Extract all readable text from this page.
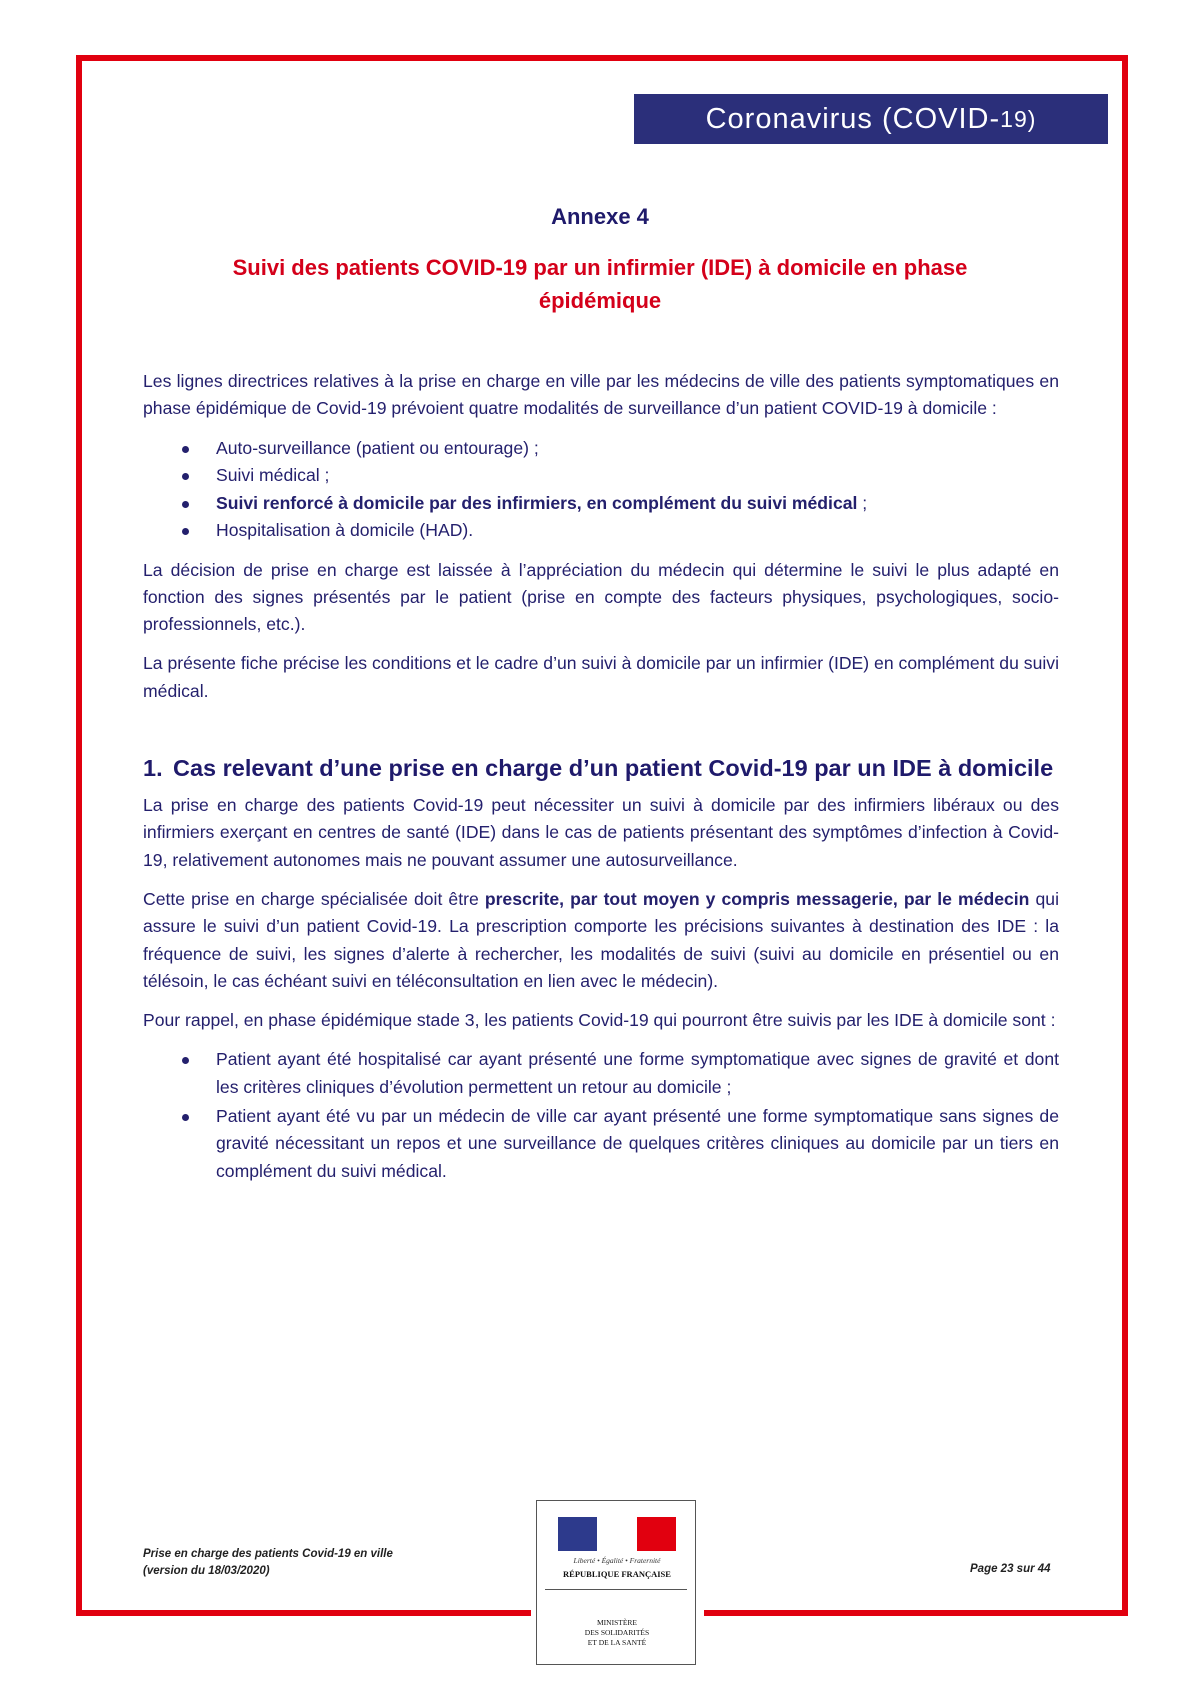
Coronavirus (COVID- 19)
Annexe 4
Suivi des patients COVID-19 par un infirmier (IDE) à domicile en phase épidémique

Les lignes directrices relatives à la prise en charge en ville par les médecins de ville des patients symptomatiques en phase épidémique de Covid-19 prévoient quatre modalités de surveillance d’un patient COVID-19 à domicile :

Auto-surveillance (patient ou entourage) ;
Suivi médical ;
Suivi renforcé à domicile par des infirmiers, en complément du suivi médical ;
Hospitalisation à domicile (HAD).

La décision de prise en charge est laissée à l’appréciation du médecin qui détermine le suivi le plus adapté en fonction des signes présentés par le patient (prise en compte des facteurs physiques, psychologiques, socio-professionnels, etc.).

La présente fiche précise les conditions et le cadre d’un suivi à domicile par un infirmier (IDE) en complément du suivi médical.

1. Cas relevant d’une prise en charge d’un patient Covid-19 par un IDE à domicile

La prise en charge des patients Covid-19 peut nécessiter un suivi à domicile par des infirmiers libéraux ou des infirmiers exerçant en centres de santé (IDE) dans le cas de patients présentant des symptômes d’infection à Covid-19, relativement autonomes mais ne pouvant assumer une autosurveillance.

Cette prise en charge spécialisée doit être prescrite, par tout moyen y compris messagerie, par le médecin qui assure le suivi d’un patient Covid-19. La prescription comporte les précisions suivantes à destination des IDE : la fréquence de suivi, les signes d’alerte à rechercher, les modalités de suivi (suivi au domicile en présentiel ou en télésoin, le cas échéant suivi en téléconsultation en lien avec le médecin).

Pour rappel, en phase épidémique stade 3, les patients Covid-19 qui pourront être suivis par les IDE à domicile sont :

Patient ayant été hospitalisé car ayant présenté une forme symptomatique avec signes de gravité et dont les critères cliniques d’évolution permettent un retour au domicile ;
Patient ayant été vu par un médecin de ville car ayant présenté une forme symptomatique sans signes de gravité nécessitant un repos et une surveillance de quelques critères cliniques au domicile par un tiers en complément du suivi médical.
Prise en charge des patients Covid-19 en ville
(version du 18/03/2020)	Page 23 sur 44
Liberté • Égalité • Fraternité
RÉPUBLIQUE FRANÇAISE
MINISTÈRE
DES SOLIDARITÉS
ET DE LA SANTÉ
